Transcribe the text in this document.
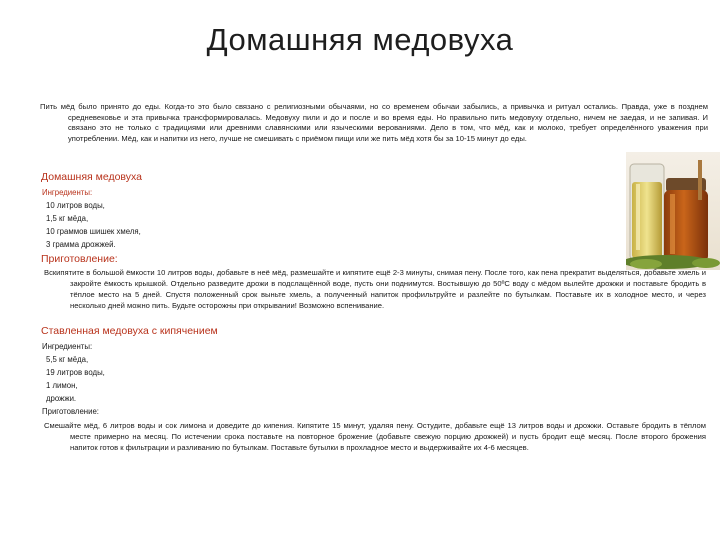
Домашняя медовуха
Пить мёд было принято до еды. Когда-то это было связано с религиозными обычаями, но со временем обычаи забылись, а привычка и ритуал остались. Правда, уже в позднем средневековье и эта привычка трансформировалась. Медовуху пили и до и после и во время еды. Но правильно пить медовуху отдельно, ничем не заедая, и не запивая. И связано это не только с традициями или древними славянскими или языческими верованиями. Дело в том, что мёд, как и молоко, требует определённого уважения при употреблении. Мёд, как и напитки из него, лучше не смешивать с приёмом пищи или же пить мёд хотя бы за 10-15 минут до еды.
Домашняя медовуха
Ингредиенты:
10 литров воды,
1,5 кг мёда,
10 граммов шишек хмеля,
3 грамма дрожжей.
Приготовление:
Вскипятите в большой ёмкости 10 литров воды, добавьте в неё мёд, размешайте и кипятите ещё 2-3 минуты, снимая пену. После того, как пена прекратит выделяться, добавьте хмель и закройте ёмкость крышкой. Отдельно разведите дрожи в подслащённой воде, пусть они поднимутся. Востывшую до 50ºС воду с мёдом вылейте дрожжи и поставьте бродить в тёплое место на 5 дней. Спустя положенный срок выньте хмель, а полученный напиток профильтруйте и разлейте по бутылкам. Поставьте их в холодное место, и через несколько дней можно пить. Будьте осторожны при открывании! Возможно вспенивание.
Ставленная медовуха с кипячением
Ингредиенты:
5,5 кг мёда,
19 литров воды,
1 лимон,
дрожжи.
Приготовление:
Смешайте мёд, 6 литров воды и сок лимона и доведите до кипения. Кипятите 15 минут, удаляя пену. Остудите, добавьте ещё 13 литров воды и дрожжи. Оставьте бродить в тёплом месте примерно на месяц. По истечении срока поставьте на повторное брожение (добавьте свежую порцию дрожжей) и пусть бродит ещё месяц. После второго брожения напиток готов к фильтрации и разливанию по бутылкам. Поставьте бутылки в прохладное место и выдерживайте их 4-6 месяцев.
